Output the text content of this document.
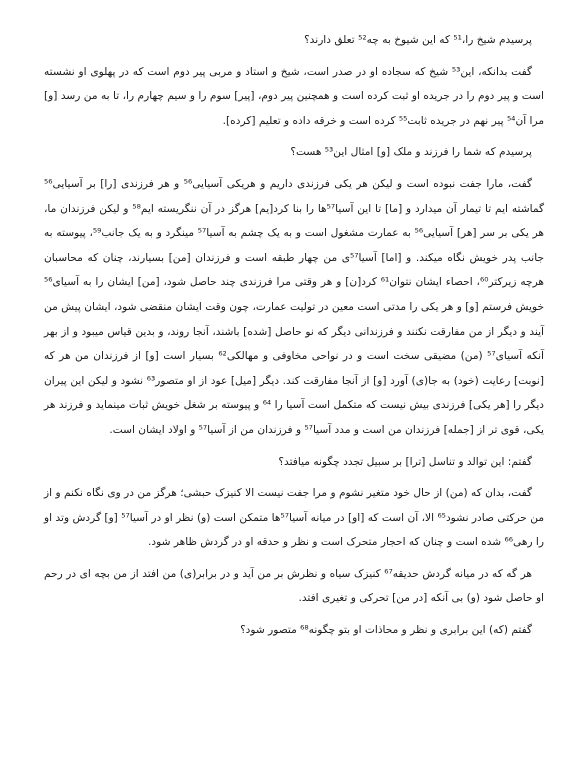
پرسیدم شیخ را،⁵¹ که این شیوخ به چه⁵² تعلق دارند؟

گفت بدانکه، این⁵³ شیخ که سجاده او در صدر است، شیخ و استاد و مربی پیر دوم است که در پهلوی او نشسته است و پیر دوم را در جریده او ثبت کرده است و همچنین پیر دوم، [پیر] سوم را و سیم چهارم را، تا به من رسد [و] مرا آن⁵⁴ پیر نهم در جریده ثابت⁵⁵ کرده است و خرقه داده و تعلیم [کرده].

پرسیدم که شما را فرزند و ملک [و] امثال این⁵³ هست؟

گفت، مارا جفت نبوده است و لیکن هر یکی فرزندی داریم و هریکی آسیایی⁵⁶ و هر فرزندی [را] بر آسیایی⁵⁶ گماشته ایم تا تیمار آن میدارد و [ما] تا این آسیا⁵⁷ها را بنا کرد[یم] هرگز در آن ننگریسته ایم⁵⁸ و لیکن فرزندان ما، هر یکی بر سر [هر] آسیایی⁵⁶ به عمارت مشغول است و به یک چشم به آسیا⁵⁷ مینگرد و به یک جانب⁵⁹، پیوسته به جانب پدر خویش نگاه میکند. و [اما] آسیا⁵⁷ی من چهار طبقه است و فرزندان [من] بسیارند، چنان که محاسبان هرچه زیرکتر⁶⁰، احصاء ایشان نتوان⁶¹ کرد[ن] و هر وقتی مرا فرزندی چند حاصل شود، [من] ایشان را به آسیای⁵⁶ خویش فرستم [و] و هر یکی را مدتی است معین در تولیت عمارت، چون وقت ایشان منقضی شود، ایشان پیش من آیند و دیگر از من مفارقت نکنند و فرزندانی دیگر که نو حاصل [شده] باشند، آنجا روند، و بدین قیاس میبود و از بهر آنکه آسیای⁵⁷ (من) مضیقی سخت است و در نواحی مخاوفی و مهالکی⁶² بسیار است [و] از فرزندان من هر که [نوبت] رعایت (خود) به جا(ی) آورد [و] از آنجا مفارقت کند. دیگر [میل] عود از او متصور⁶³ نشود و لیکن این پیران دیگر را [هر یکی] فرزندی بیش نیست که متکمل است آسیا را ⁶⁴ و پیوسته بر شغل خویش ثبات مینماید و فرزند هر یکی، قوی تر از [جمله] فرزندان من است و مدد آسیا⁵⁷ و فرزندان من از آسیا⁵⁷ و اولاد ایشان است.

گفتم: این توالد و تناسل [ترا] بر سبیل تجدد چگونه میافتد؟

گفت، بدان که (من) از حال خود متغیر نشوم و مرا جفت نیست الا کنیزک حبشی؛ هرگز من در وی نگاه نکنم و از من حرکتی صادر نشود⁶⁵ الا، آن است که [او] در میانه آسیا⁵⁷ها متمکن است (و) نظر او در آسیا⁵⁷ [و] گردش وتد او را رهی⁶⁶ شده است و چنان که احجار متحرک است و نظر و حدقه او در گردش ظاهر شود.

هر گه که در میانه گردش حدیقه⁶⁷ کنیزک سیاه و نظرش بر من آید و در برابر(ی) من افتد از من بچه ای در رحم او حاصل شود (و) بی آنکه [در من] تحرکی و تغیری افتد.

گفتم (که) این برابری و نظر و محاذات او بتو چگونه⁶⁸ متصور شود؟
